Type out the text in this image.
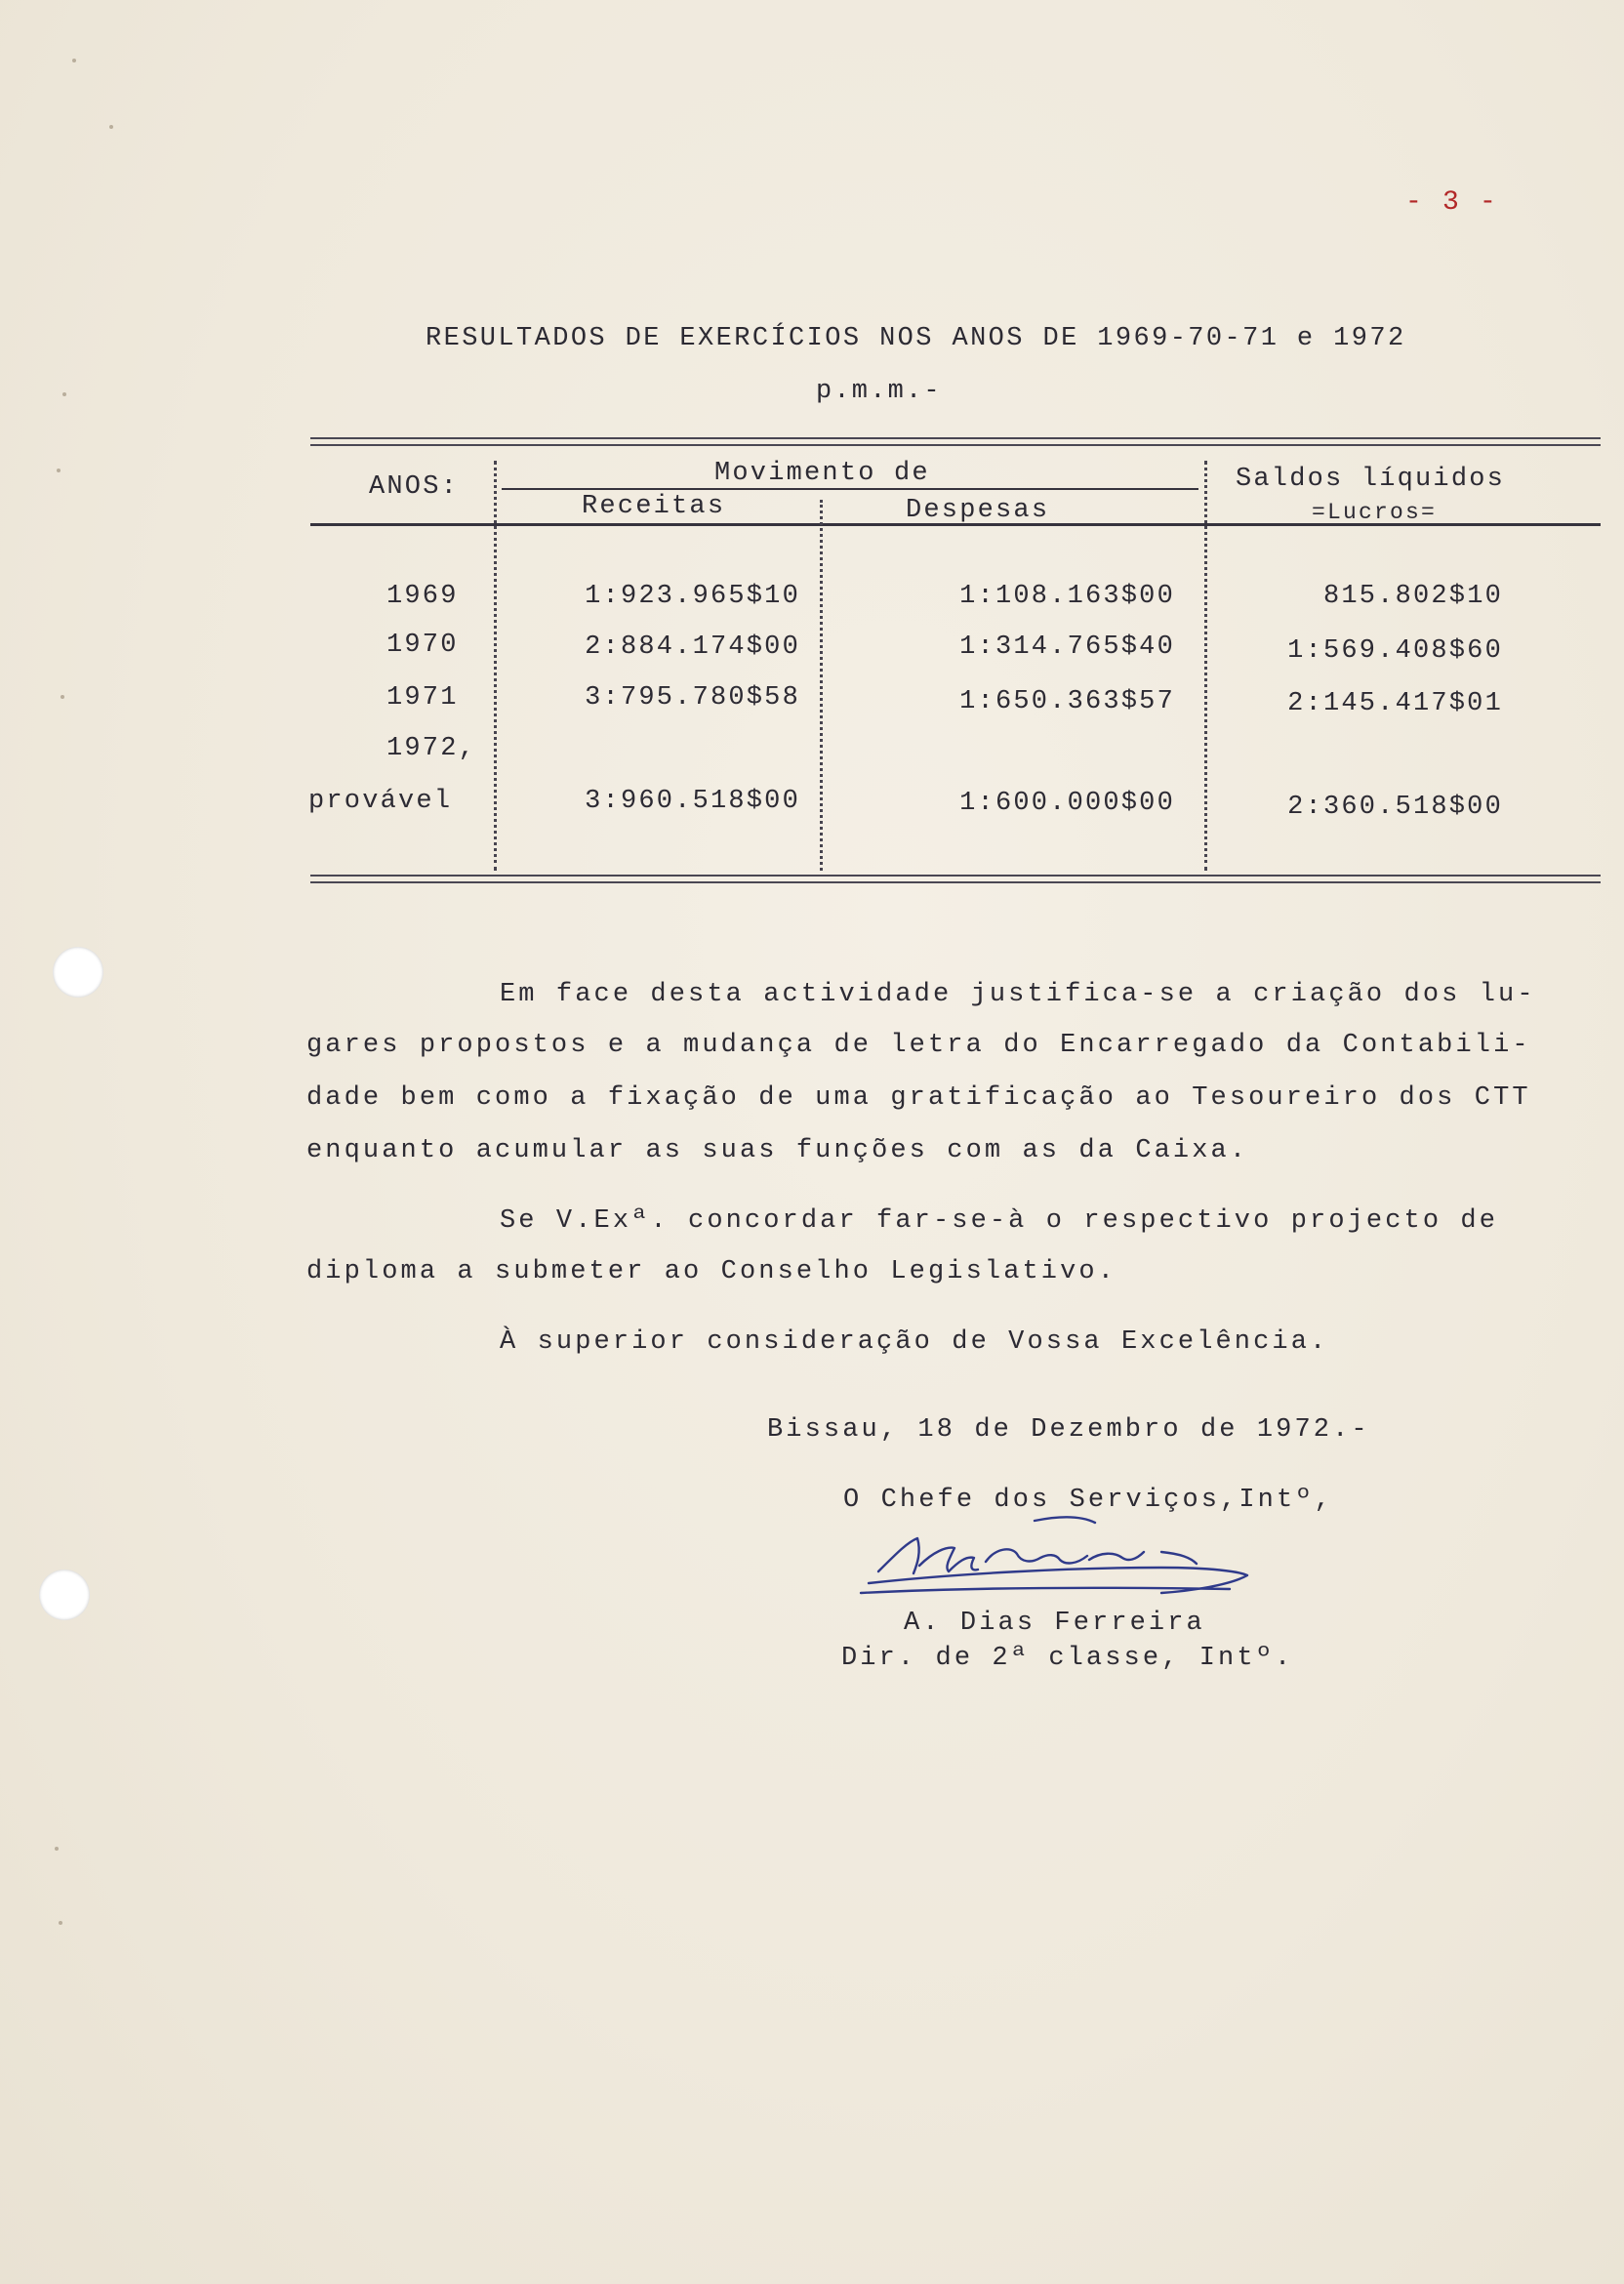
- 3 -
RESULTADOS DE EXERCÍCIOS NOS ANOS DE 1969-70-71 e 1972
p.m.m.-
ANOS:	Movimento de
Receitas	Despesas
Saldos líquidos
=Lucros=
1969	1:923.965$10	1:108.163$00	815.802$10
1970	2:884.174$00	1:314.765$40	1:569.408$60
1971	3:795.780$58	1:650.363$57	2:145.417$01
1972,
provável	3:960.518$00	1:600.000$00	2:360.518$00
Em face desta actividade justifica-se a criação dos lu-
gares propostos e a mudança de letra do Encarregado da Contabili-
dade bem como a fixação de uma gratificação ao Tesoureiro dos CTT
enquanto acumular as suas funções com as da Caixa.
Se V.Exª. concordar far-se-à o respectivo projecto de
diploma a submeter ao Conselho Legislativo.
À superior consideração de Vossa Excelência.
Bissau, 18 de Dezembro de 1972.-
O Chefe dos Serviços,Intº,
A. Dias Ferreira
Dir. de 2ª classe, Intº.
